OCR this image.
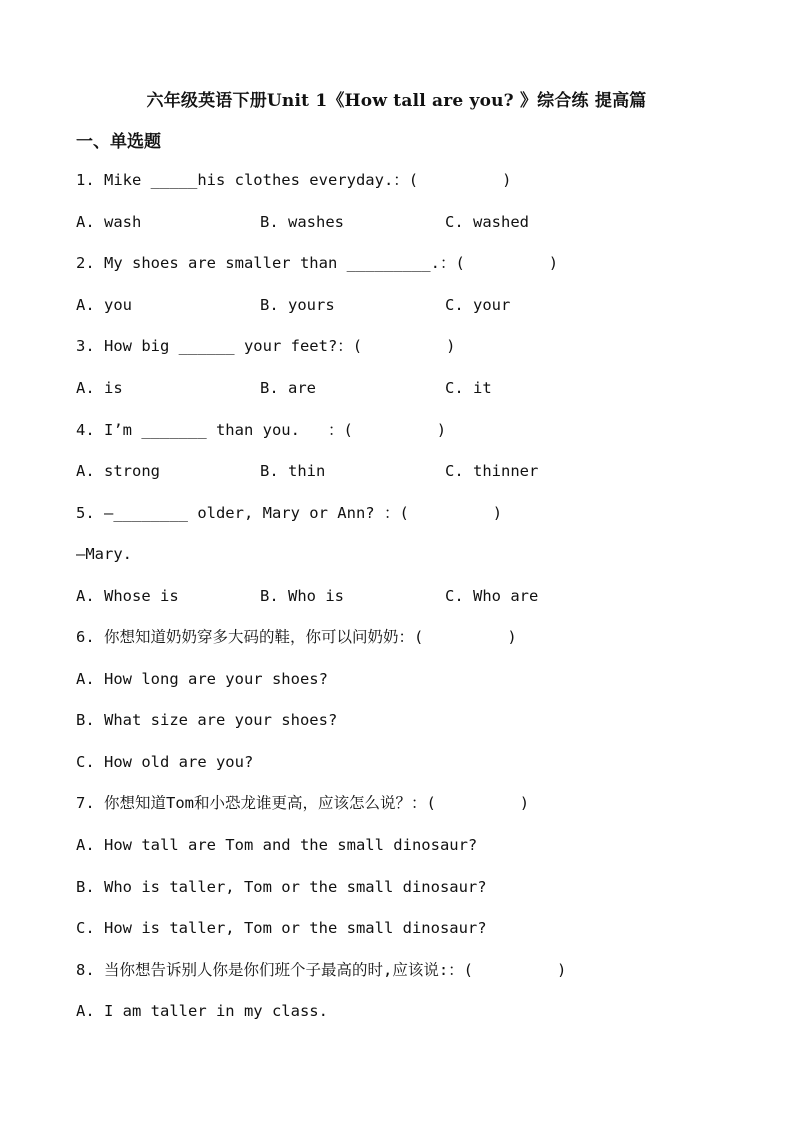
六年级英语下册Unit 1《How tall are you? 》综合练 提高篇
一、单选题
1. Mike _____his clothes everyday.：(         )
A. wash	B. washes	C. washed
2. My shoes are smaller than _________.：(         )
A. you	B. yours	C. your
3. How big ______ your feet?：(         )
A. is	B. are	C. it
4. I’m _______ than you.   ：(         )
A. strong	B. thin	C. thinner
5. —________ older, Mary or Ann? ：(         )
—Mary.
A. Whose is	B. Who is	C. Who are
6. 你想知道奶奶穿多大码的鞋，你可以问奶奶：(         )
A. How long are your shoes?
B. What size are your shoes?
C. How old are you?
7. 你想知道Tom和小恐龙谁更高，应该怎么说？：(         )
A. How tall are Tom and the small dinosaur?
B. Who is taller, Tom or the small dinosaur?
C. How is taller, Tom or the small dinosaur?
8. 当你想告诉别人你是你们班个子最高的时,应该说:：(         )
A. I am taller in my class.
